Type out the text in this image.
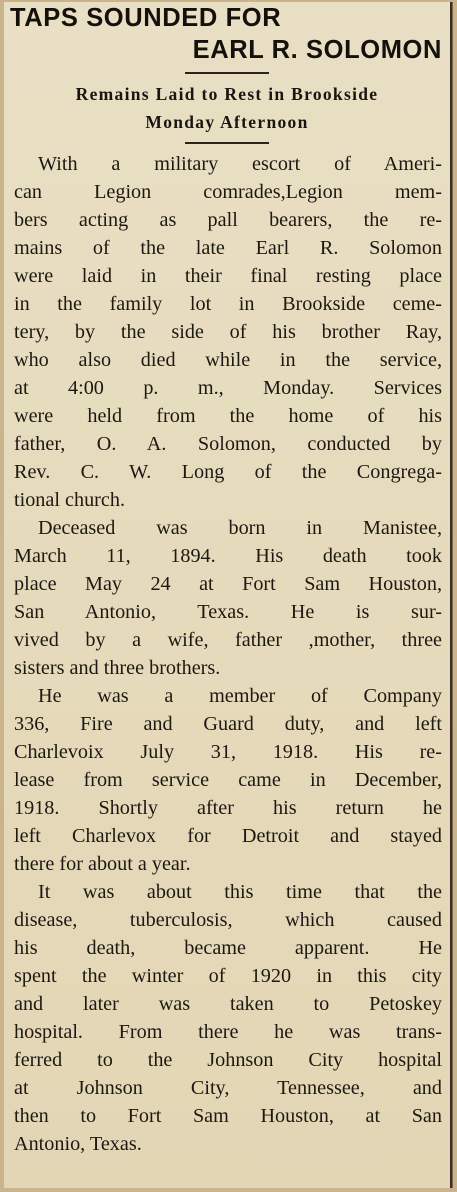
TAPS SOUNDED FOR
EARL R. SOLOMON
Remains Laid to Rest in Brookside
Monday Afternoon
With a military escort of Ameri-
can Legion comrades,Legion mem-
bers acting as pall bearers, the re-
mains of the late Earl R. Solomon
were laid in their final resting place
in the family lot in Brookside ceme-
tery, by the side of his brother Ray,
who also died while in the service,
at 4:00 p. m., Monday. Services
were held from the home of his
father, O. A. Solomon, conducted by
Rev. C. W. Long of the Congrega-
tional church.
Deceased was born in Manistee,
March 11, 1894. His death took
place May 24 at Fort Sam Houston,
San Antonio, Texas. He is sur-
vived by a wife, father ,mother, three
sisters and three brothers.
He was a member of Company
336, Fire and Guard duty, and left
Charlevoix July 31, 1918. His re-
lease from service came in December,
1918. Shortly after his return he
left Charlevox for Detroit and stayed
there for about a year.
It was about this time that the
disease, tuberculosis, which caused
his death, became apparent. He
spent the winter of 1920 in this city
and later was taken to Petoskey
hospital. From there he was trans-
ferred to the Johnson City hospital
at Johnson City, Tennessee, and
then to Fort Sam Houston, at San
Antonio, Texas.
